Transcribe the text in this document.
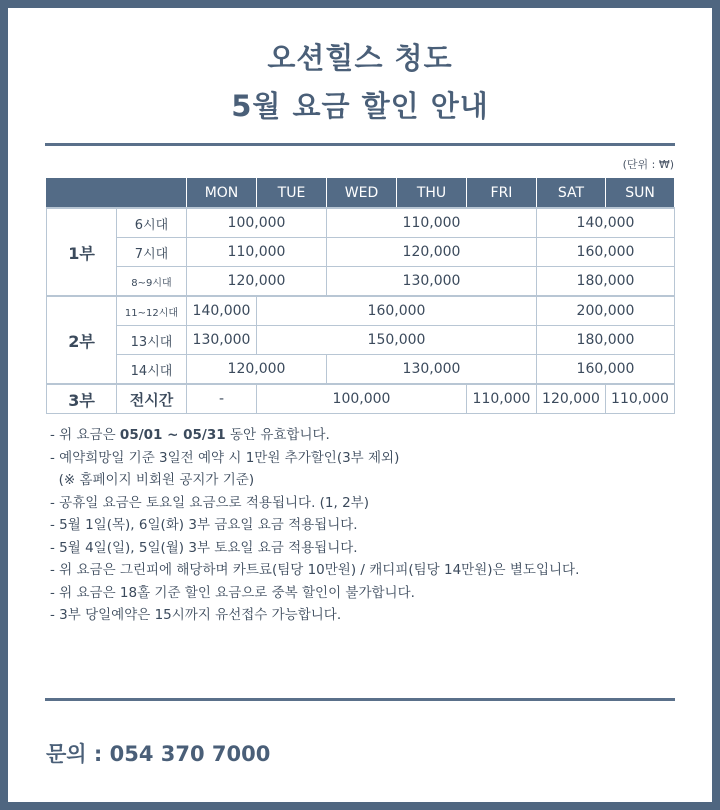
오션힐스 청도
5월 요금 할인 안내
(단위 : ₩)
		MON	TUE	WED	THU	FRI	SAT	SUN
1부	6시대	100,000		110,000			140,000	
	7시대	110,000		120,000			160,000	
	8~9시대	120,000		130,000			180,000	
2부	11~12시대	140,000	160,000				200,000	
	13시대	130,000	150,000				180,000	
	14시대	120,000		130,000			160,000	
3부	전시간	-	100,000			110,000	120,000	110,000
- 위 요금은 05/01 ~ 05/31 동안 유효합니다.
- 예약희망일 기준 3일전 예약 시 1만원 추가할인(3부 제외)
(※ 홈페이지 비회원 공지가 기준)
- 공휴일 요금은 토요일 요금으로 적용됩니다. (1, 2부)
- 5월 1일(목), 6일(화) 3부 금요일 요금 적용됩니다.
- 5월 4일(일), 5일(월) 3부 토요일 요금 적용됩니다.
- 위 요금은 그린피에 해당하며 카트료(팀당 10만원) / 캐디피(팀당 14만원)은 별도입니다.
- 위 요금은 18홀 기준 할인 요금으로 중복 할인이 불가합니다.
- 3부 당일예약은 15시까지 유선접수 가능합니다.
문의 : 054 370 7000
